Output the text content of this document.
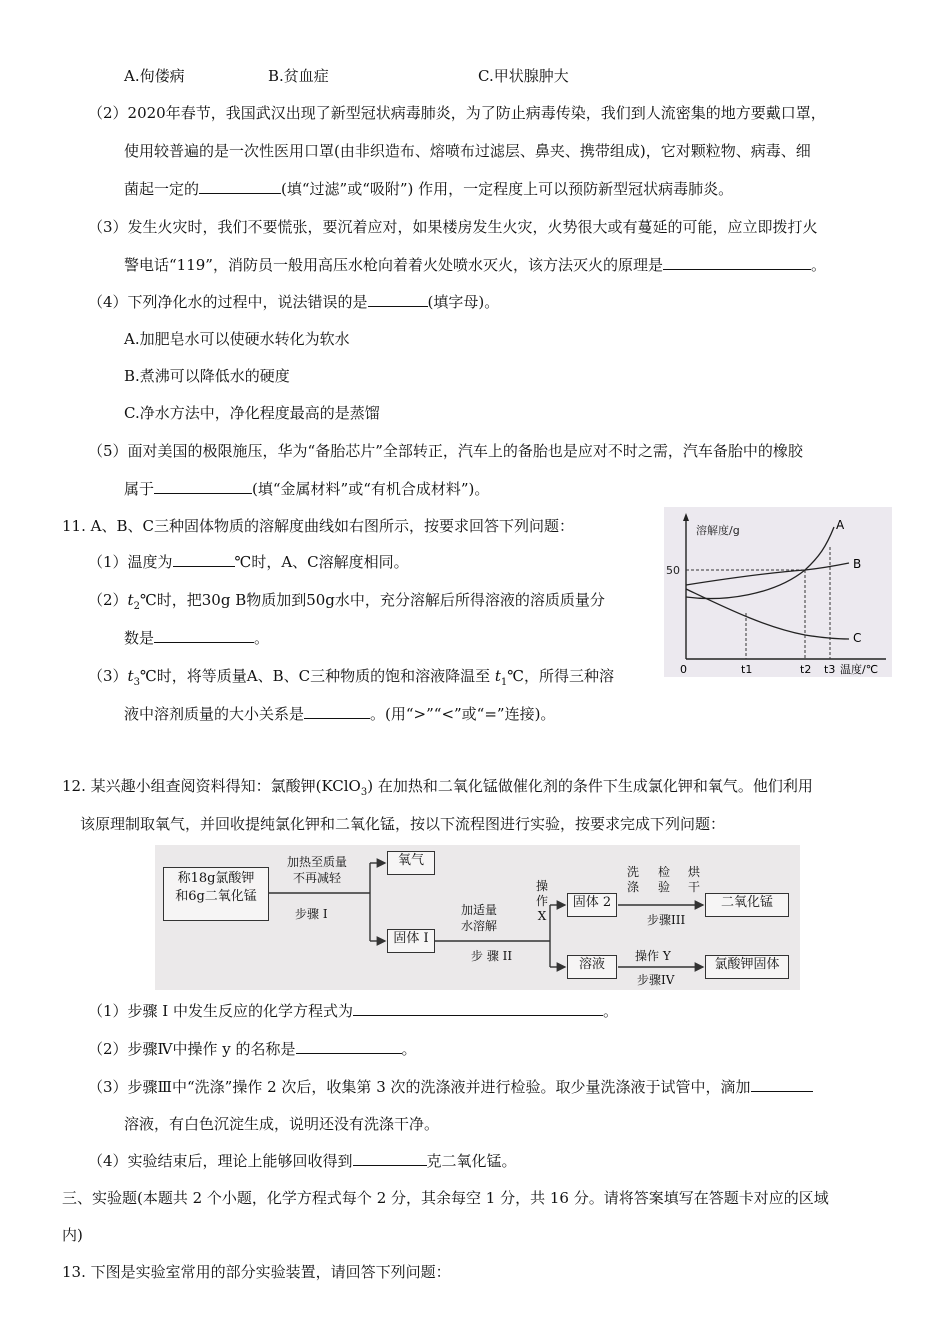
A.佝偻病	B.贫血症	C.甲状腺肿大
（2）2020年春节，我国武汉出现了新型冠状病毒肺炎，为了防止病毒传染，我们到人流密集的地方要戴口罩，
使用较普遍的是一次性医用口罩(由非织造布、熔喷布过滤层、鼻夹、携带组成)，它对颗粒物、病毒、细
菌起一定的	(填“过滤”或“吸附”) 作用，一定程度上可以预防新型冠状病毒肺炎。
（3）发生火灾时，我们不要慌张，要沉着应对，如果楼房发生火灾，火势很大或有蔓延的可能，应立即拨打火
警电话“119”，消防员一般用高压水枪向着着火处喷水灭火，该方法灭火的原理是	。
（4）下列净化水的过程中，说法错误的是	(填字母)。
A.加肥皂水可以使硬水转化为软水
B.煮沸可以降低水的硬度
C.净水方法中，净化程度最高的是蒸馏
（5）面对美国的极限施压，华为“备胎芯片”全部转正，汽车上的备胎也是应对不时之需，汽车备胎中的橡胶
属于	(填“金属材料”或“有机合成材料”)。
11. A、B、C三种固体物质的溶解度曲线如右图所示，按要求回答下列问题：
（1）温度为	℃时，A、C溶解度相同。
$(2)t_2℃$时，把30g B物质加到50g水中，充分溶解后所得溶液的溶质质量分
数是	。
$(3)t_3℃$时，将等质量A、B、C三种物质的饱和溶液降温至 $t_1℃$，所得三种溶
液中溶剂质量的大小关系是	。(用“>”“<”或“=”连接)。
溶解度/g
50
A
B
C
0	t1	t2 t3 温度/℃
12. 某兴趣小组查阅资料得知：氯酸钾(KClO$_3$) 在加热和二氧化锰做催化剂的条件下生成氯化钾和氧气。他们利用
该原理制取氧气，并回收提纯氯化钾和二氧化锰，按以下流程图进行实验，按要求完成下列问题：
称18g氯酸钾
和6g二氧化锰
加热至质量
不再减轻
步骤 I
氧气
固体 I
加适量
水溶解
步 骤 II
操
作
X
固体 2
溶液
洗
涤
检
验
烘
干
步骤III
二氧化锰
操作 Y
步骤IV
氯酸钾固体
（1）步骤 I 中发生反应的化学方程式为	。
（2）步骤Ⅳ中操作 y 的名称是	。
（3）步骤Ⅲ中“洗涤”操作 2 次后，收集第 3 次的洗涤液并进行检验。取少量洗涤液于试管中，滴加
溶液，有白色沉淀生成，说明还没有洗涤干净。
（4）实验结束后，理论上能够回收得到	克二氧化锰。
三、实验题(本题共 2 个小题，化学方程式每个 2 分，其余每空 1 分，共 16 分。请将答案填写在答题卡对应的区域
内)
13. 下图是实验室常用的部分实验装置，请回答下列问题：
